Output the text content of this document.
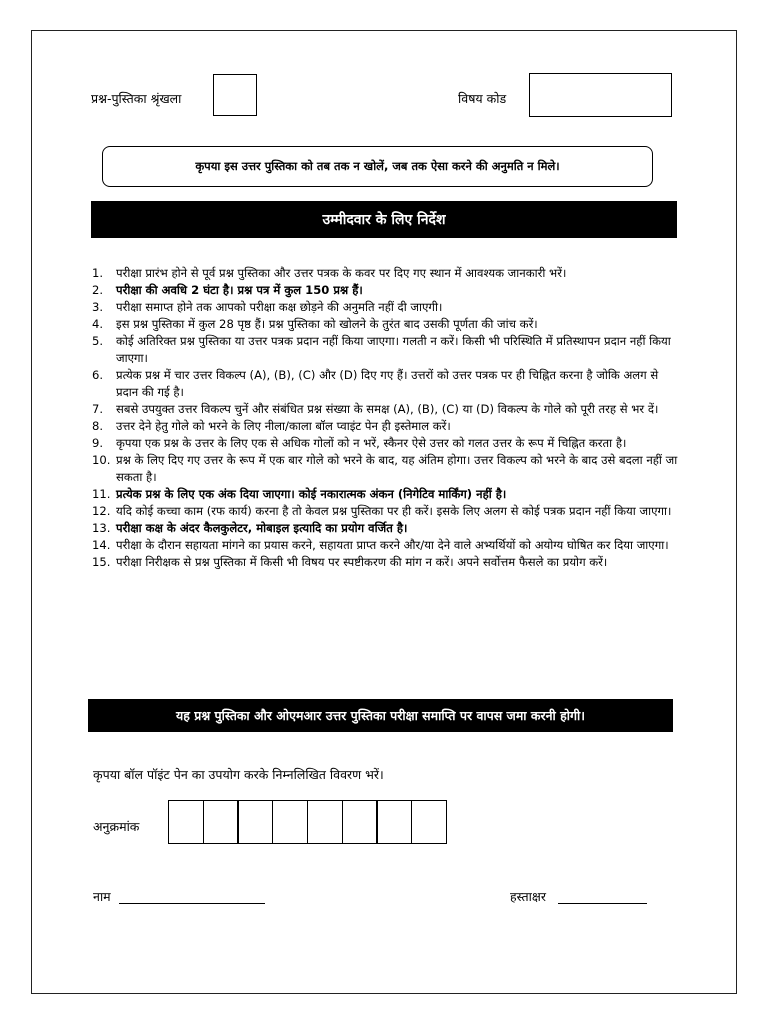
प्रश्न-पुस्तिका श्रृंखला	विषय कोड
कृपया इस उत्तर पुस्तिका को तब तक न खोलें, जब तक ऐसा करने की अनुमति न मिले।
उम्मीदवार के लिए निर्देश
1.	परीक्षा प्रारंभ होने से पूर्व प्रश्न पुस्तिका और उत्तर पत्रक के कवर पर दिए गए स्थान में आवश्यक जानकारी भरें।
2.	परीक्षा की अवधि 2 घंटा है। प्रश्न पत्र में कुल 150 प्रश्न हैं।
3.	परीक्षा समाप्त होने तक आपको परीक्षा कक्ष छोड़ने की अनुमति नहीं दी जाएगी।
4.	इस प्रश्न पुस्तिका में कुल 28 पृष्ठ हैं। प्रश्न पुस्तिका को खोलने के तुरंत बाद उसकी पूर्णता की जांच करें।
5.	कोई अतिरिक्त प्रश्न पुस्तिका या उत्तर पत्रक प्रदान नहीं किया जाएगा। गलती न करें। किसी भी परिस्थिति में प्रतिस्थापन प्रदान नहीं किया जाएगा।
6.	प्रत्येक प्रश्न में चार उत्तर विकल्प (A), (B), (C) और (D) दिए गए हैं। उत्तरों को उत्तर पत्रक पर ही चिह्नित करना है जोकि अलग से प्रदान की गई है।
7.	सबसे उपयुक्त उत्तर विकल्प चुनें और संबंधित प्रश्न संख्या के समक्ष (A), (B), (C) या (D) विकल्प के गोले को पूरी तरह से भर दें।
8.	उत्तर देने हेतु गोले को भरने के लिए नीला/काला बॉल प्वाइंट पेन ही इस्तेमाल करें।
9.	कृपया एक प्रश्न के उत्तर के लिए एक से अधिक गोलों को न भरें, स्कैनर ऐसे उत्तर को गलत उत्तर के रूप में चिह्नित करता है।
10. प्रश्न के लिए दिए गए उत्तर के रूप में एक बार गोले को भरने के बाद, यह अंतिम होगा। उत्तर विकल्प को भरने के बाद उसे बदला नहीं जा सकता है।
11. प्रत्येक प्रश्न के लिए एक अंक दिया जाएगा। कोई नकारात्मक अंकन (निगेटिव मार्किंग) नहीं है।
12. यदि कोई कच्चा काम (रफ कार्य) करना है तो केवल प्रश्न पुस्तिका पर ही करें। इसके लिए अलग से कोई पत्रक प्रदान नहीं किया जाएगा।
13. परीक्षा कक्ष के अंदर कैलकुलेटर, मोबाइल इत्यादि का प्रयोग वर्जित है।
14. परीक्षा के दौरान सहायता मांगने का प्रयास करने, सहायता प्राप्त करने और/या देने वाले अभ्यर्थियों को अयोग्य घोषित कर दिया जाएगा।
15. परीक्षा निरीक्षक से प्रश्न पुस्तिका में किसी भी विषय पर स्पष्टीकरण की मांग न करें। अपने सर्वोत्तम फैसले का प्रयोग करें।
यह प्रश्न पुस्तिका और ओएमआर उत्तर पुस्तिका परीक्षा समाप्ति पर वापस जमा करनी होगी।
कृपया बॉल पॉइंट पेन का उपयोग करके निम्नलिखित विवरण भरें।
अनुक्रमांक
नाम	हस्ताक्षर
